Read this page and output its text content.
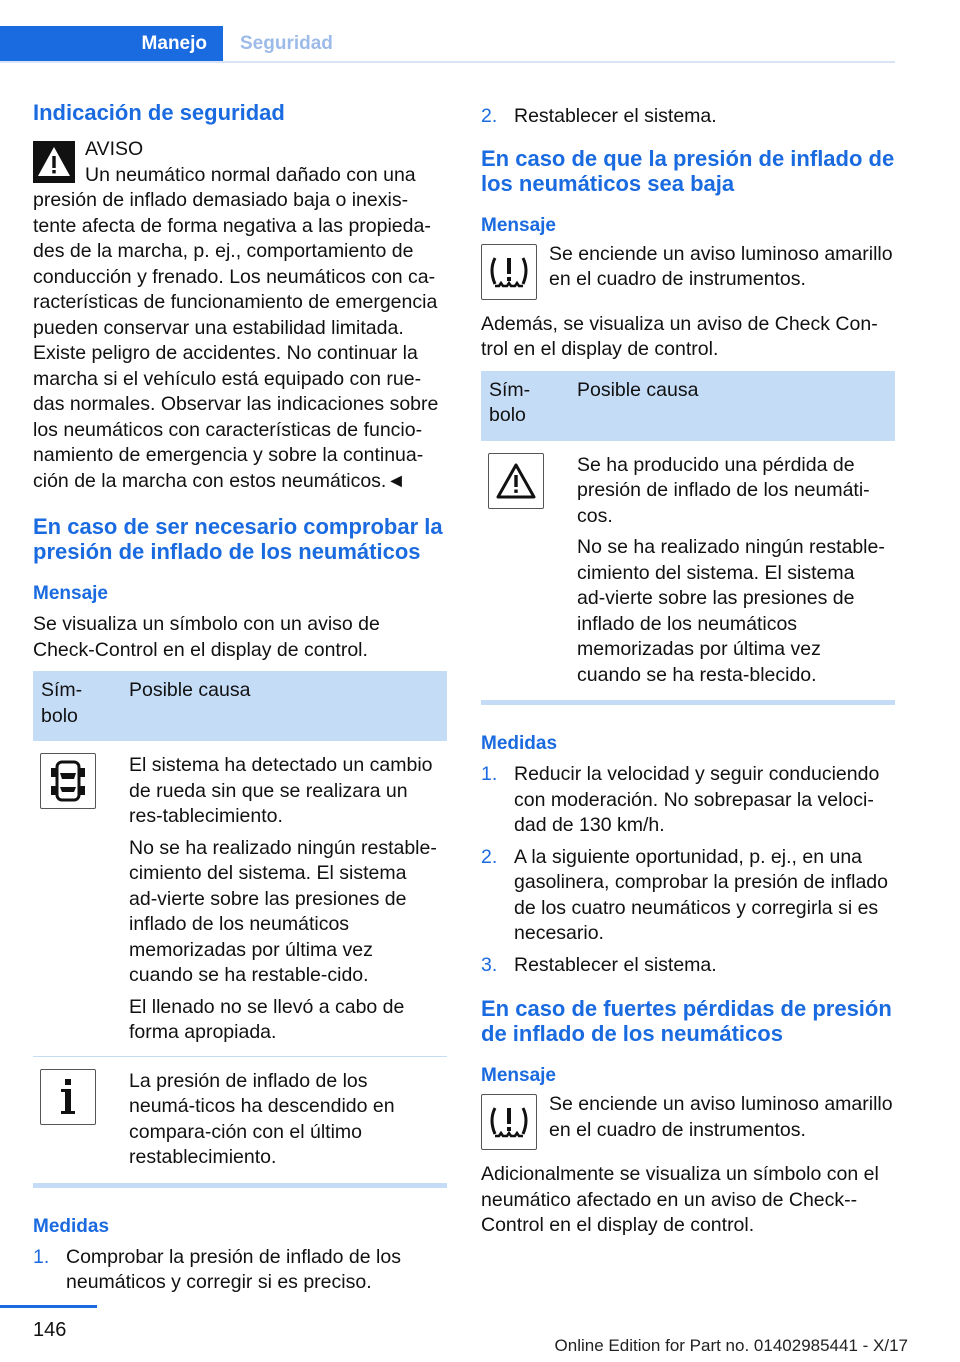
Manejo	Seguridad
Indicación de seguridad

AVISO

Un neumático normal dañado con una

presión de inflado demasiado baja o inexis-tente afecta de forma negativa a las propieda-des de la marcha, p. ej., comportamiento de conducción y frenado. Los neumáticos con ca-racterísticas de funcionamiento de emergencia pueden conservar una estabilidad limitada. Existe peligro de accidentes. No continuar la marcha si el vehículo está equipado con rue-das normales. Observar las indicaciones sobre los neumáticos con características de funcio-namiento de emergencia y sobre la continua-ción de la marcha con estos neumáticos.◄

En caso de ser necesario comprobar la presión de inflado de los neumáticos
Mensaje

Se visualiza un símbolo con un aviso de Check-Control en el display de control.

Sím-bolo	Posible causa

El sistema ha detectado un cambio de rueda sin que se realizara un res-tablecimiento.

No se ha realizado ningún restable-cimiento del sistema. El sistema ad-vierte sobre las presiones de inflado de los neumáticos memorizadas por última vez cuando se ha restable-cido.

El llenado no se llevó a cabo de forma apropiada.

La presión de inflado de los neumá-ticos ha descendido en compara-ción con el último restablecimiento.

Medidas
1. Comprobar la presión de inflado de los neumáticos y corregir si es preciso.
2. Restablecer el sistema.
En caso de que la presión de inflado de los neumáticos sea baja
Mensaje

Se enciende un aviso luminoso amarillo en el cuadro de instrumentos.

Además, se visualiza un aviso de Check Con-trol en el display de control.

Sím-bolo	Posible causa

Se ha producido una pérdida de presión de inflado de los neumáti-cos.

No se ha realizado ningún restable-cimiento del sistema. El sistema ad-vierte sobre las presiones de inflado de los neumáticos memorizadas por última vez cuando se ha resta-blecido.

Medidas
1. Reducir la velocidad y seguir conduciendo con moderación. No sobrepasar la veloci-dad de 130 km/h.
2. A la siguiente oportunidad, p. ej., en una gasolinera, comprobar la presión de inflado de los cuatro neumáticos y corregirla si es necesario.
3. Restablecer el sistema.
En caso de fuertes pérdidas de presión de inflado de los neumáticos
Mensaje

Se enciende un aviso luminoso amarillo en el cuadro de instrumentos.

Adicionalmente se visualiza un símbolo con el neumático afectado en un aviso de Check--Control en el display de control.

146
Online Edition for Part no. 01402985441 - X/17
